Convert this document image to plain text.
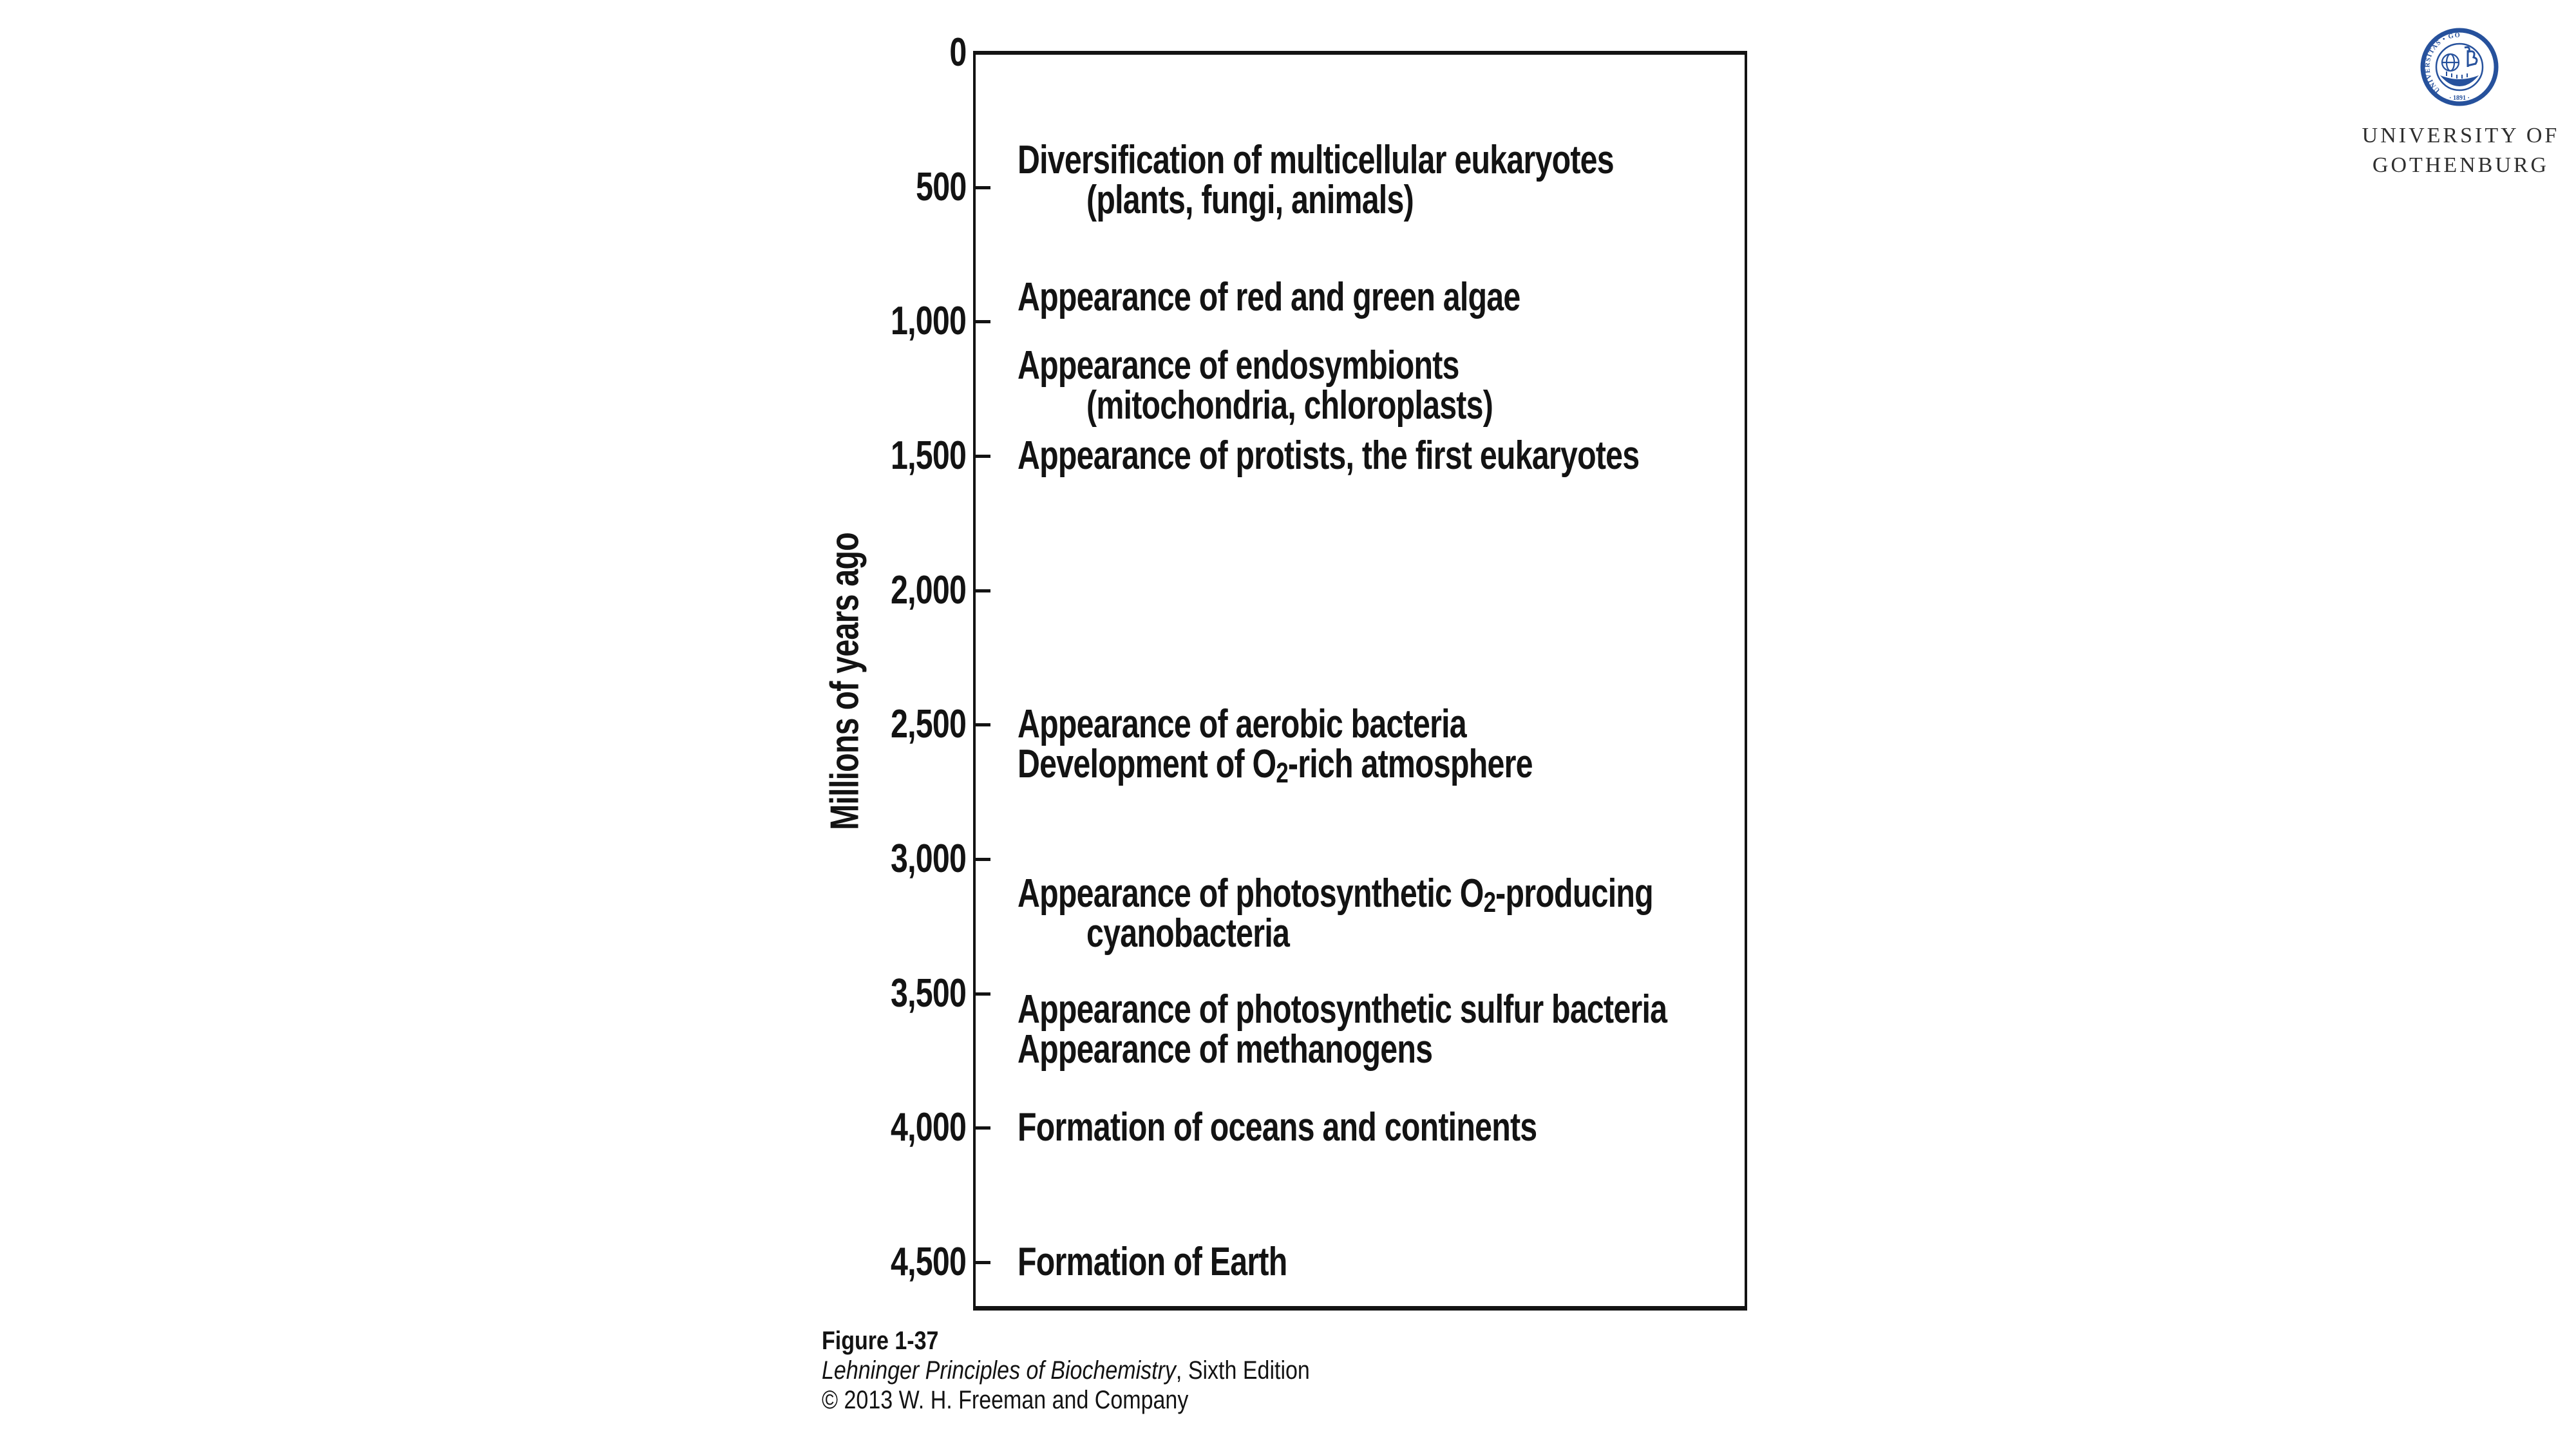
0
500
1,000
1,500
2,000
2,500
3,000
3,500
4,000
4,500
Diversification of multicellular eukaryotes
(plants, fungi, animals)
Appearance of red and green algae
Appearance of endosymbionts
(mitochondria, chloroplasts)
Appearance of protists, the first eukaryotes
Appearance of aerobic bacteria
Development of $O_2$-rich atmosphere
Appearance of photosynthetic $O_2$-producing
cyanobacteria
Appearance of photosynthetic sulfur bacteria
Appearance of methanogens
Formation of oceans and continents
Formation of Earth
Millions of years ago
Figure 1-37
Lehninger Principles of Biochemistry, Sixth Edition
© 2013 W. H. Freeman and Company
UNIVERSITAS • GOTHOBURGENSIS
· 1891 ·
UNIVERSITY OF
GOTHENBURG
